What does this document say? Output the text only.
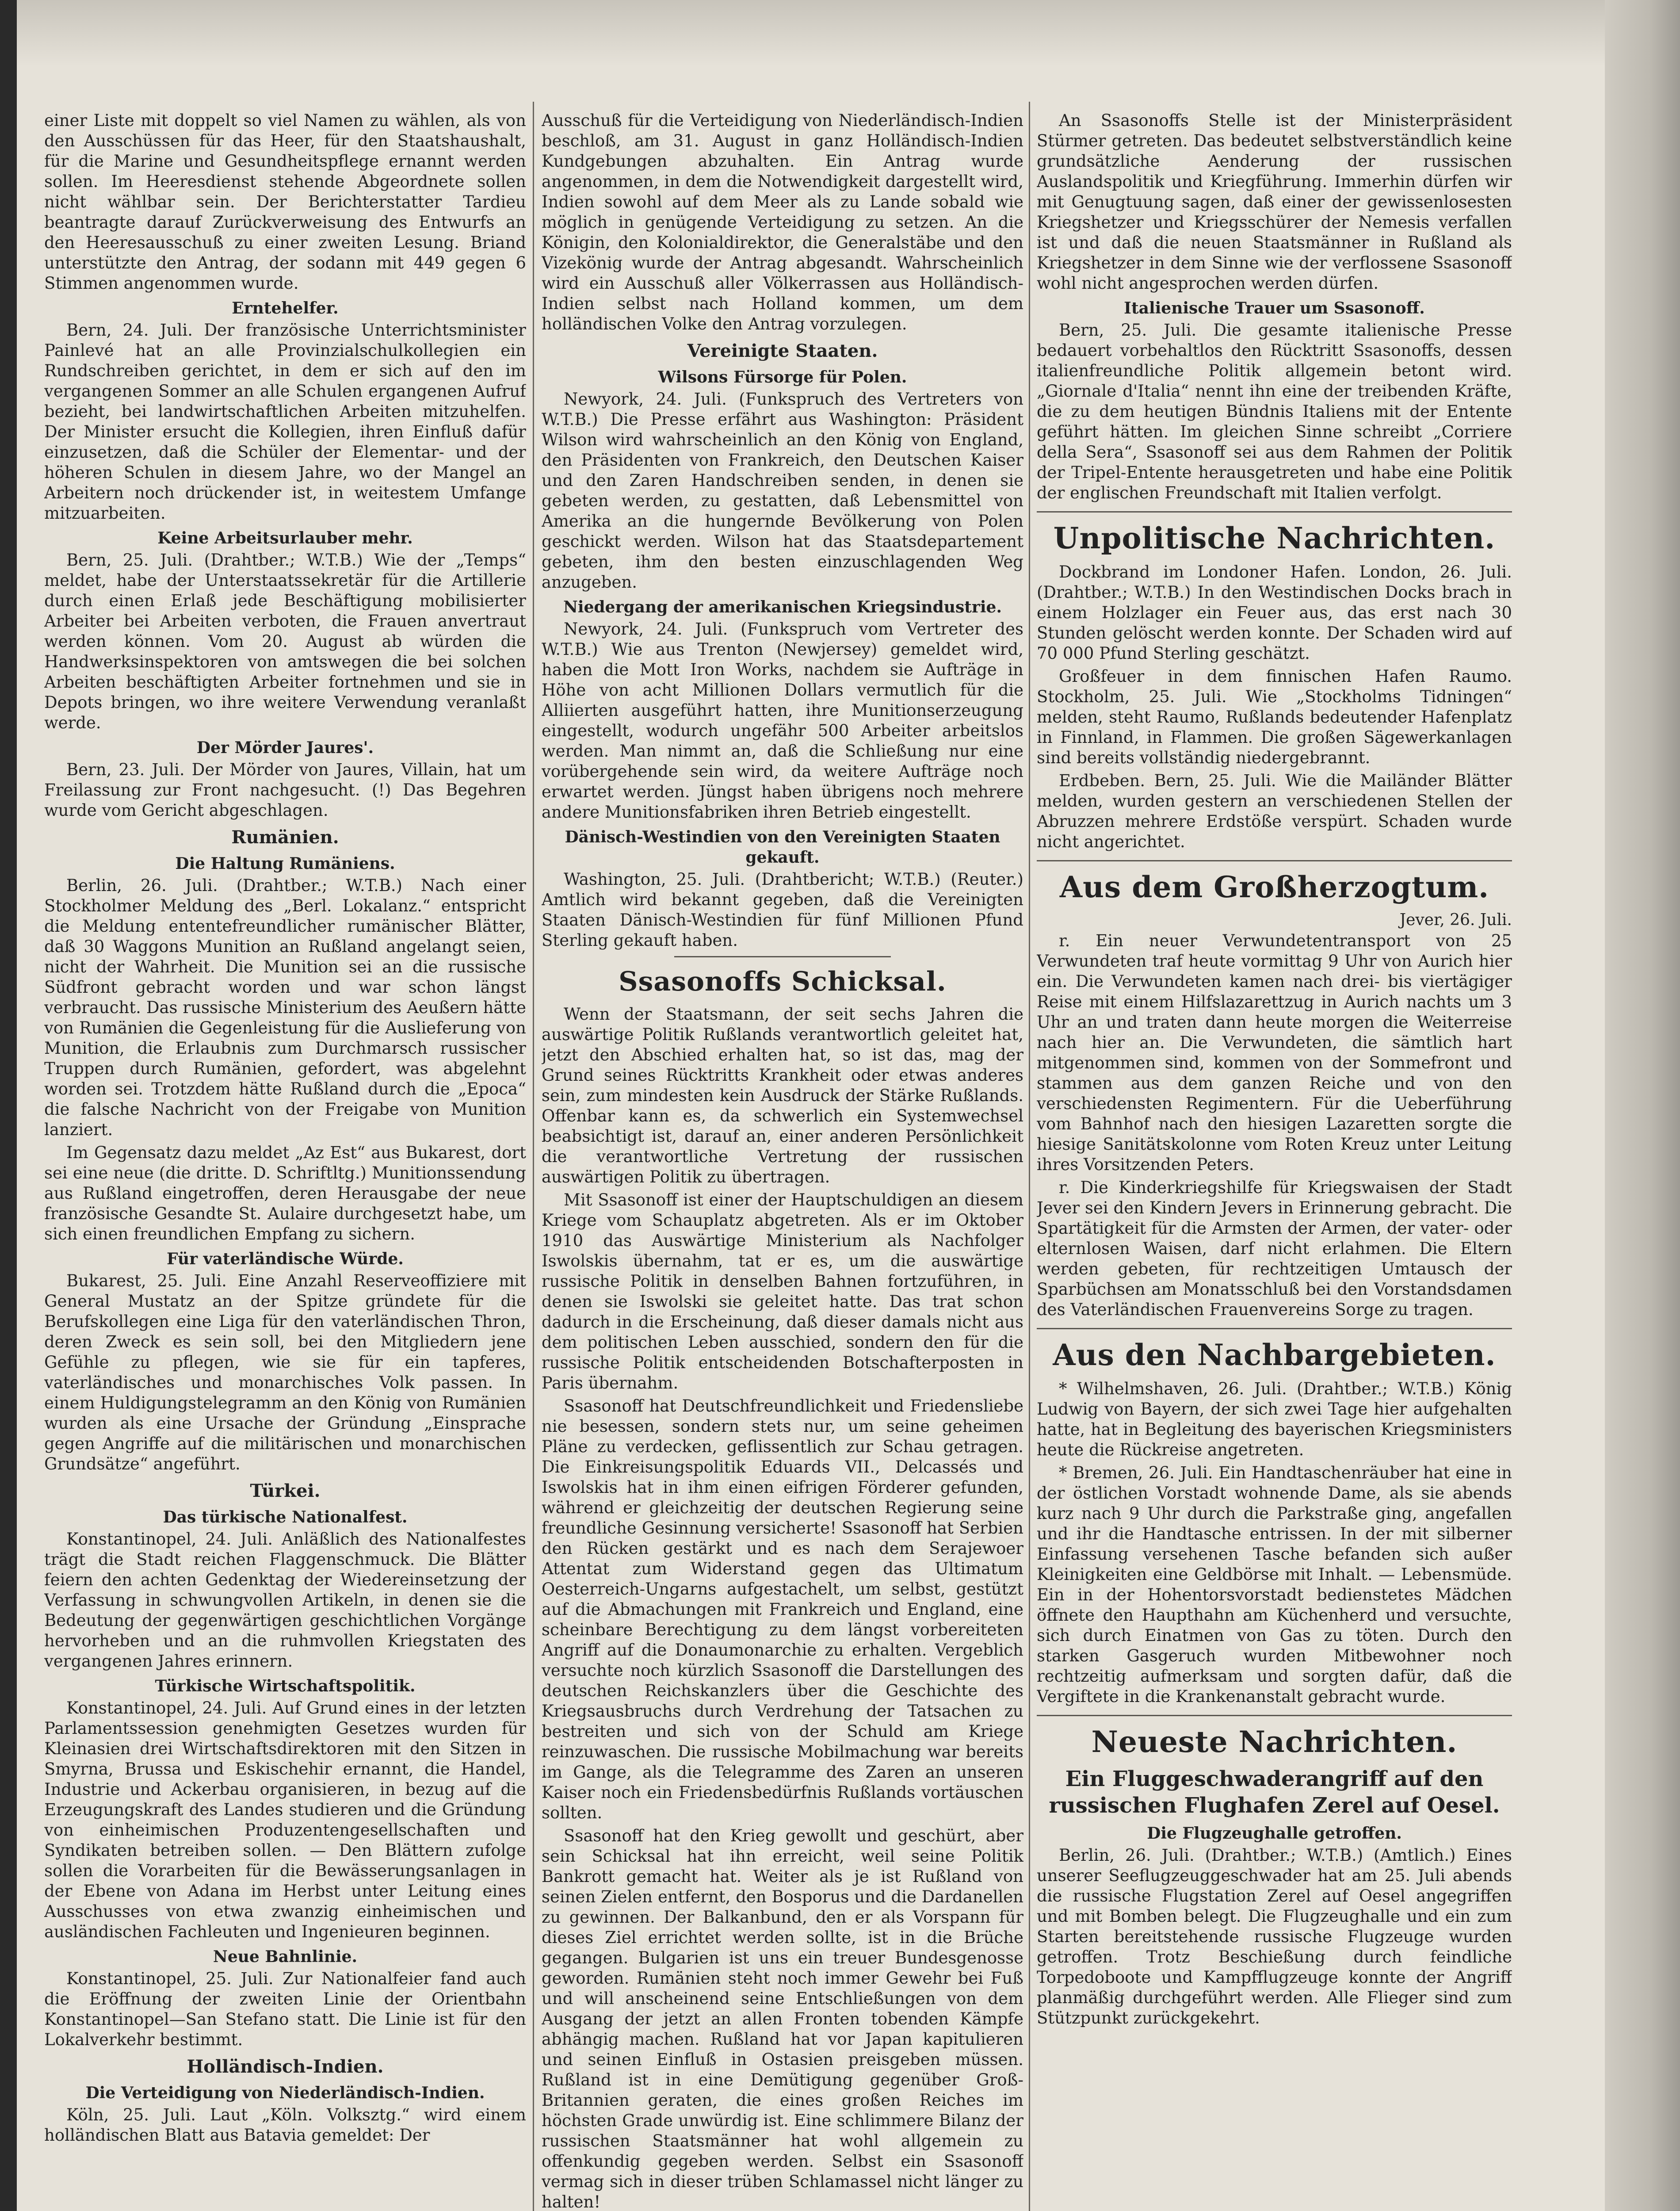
einer Liste mit doppelt so viel Namen zu wählen, als von den Ausschüssen für das Heer, für den Staatshaushalt, für die Marine und Gesundheitspflege ernannt werden sollen. Im Heeresdienst stehende Abgeordnete sollen nicht wählbar sein. Der Berichterstatter Tardieu beantragte darauf Zurückverweisung des Entwurfs an den Heeresausschuß zu einer zweiten Lesung. Briand unterstützte den Antrag, der sodann mit 449 gegen 6 Stimmen angenommen wurde.

Erntehelfer.

Bern, 24. Juli. Der französische Unterrichtsminister Painlevé hat an alle Provinzialschulkollegien ein Rundschreiben gerichtet, in dem er sich auf den im vergangenen Sommer an alle Schulen ergangenen Aufruf bezieht, bei landwirtschaftlichen Arbeiten mitzuhelfen. Der Minister ersucht die Kollegien, ihren Einfluß dafür einzusetzen, daß die Schüler der Elementar- und der höheren Schulen in diesem Jahre, wo der Mangel an Arbeitern noch drückender ist, in weitestem Umfange mitzuarbeiten.

Keine Arbeitsurlauber mehr.

Bern, 25. Juli. (Drahtber.; W.T.B.) Wie der „Temps“ meldet, habe der Unterstaatssekretär für die Artillerie durch einen Erlaß jede Beschäftigung mobilisierter Arbeiter bei Arbeiten verboten, die Frauen anvertraut werden können. Vom 20. August ab würden die Handwerksinspektoren von amtswegen die bei solchen Arbeiten beschäftigten Arbeiter fortnehmen und sie in Depots bringen, wo ihre weitere Verwendung veranlaßt werde.

Der Mörder Jaures'.

Bern, 23. Juli. Der Mörder von Jaures, Villain, hat um Freilassung zur Front nachgesucht. (!) Das Begehren wurde vom Gericht abgeschlagen.

Rumänien.
Die Haltung Rumäniens.

Berlin, 26. Juli. (Drahtber.; W.T.B.) Nach einer Stockholmer Meldung des „Berl. Lokalanz.“ entspricht die Meldung ententefreundlicher rumänischer Blätter, daß 30 Waggons Munition an Rußland angelangt seien, nicht der Wahrheit. Die Munition sei an die russische Südfront gebracht worden und war schon längst verbraucht. Das russische Ministerium des Aeußern hätte von Rumänien die Gegenleistung für die Auslieferung von Munition, die Erlaubnis zum Durchmarsch russischer Truppen durch Rumänien, gefordert, was abgelehnt worden sei. Trotzdem hätte Rußland durch die „Epoca“ die falsche Nachricht von der Freigabe von Munition lanziert.

Im Gegensatz dazu meldet „Az Est“ aus Bukarest, dort sei eine neue (die dritte. D. Schriftltg.) Munitionssendung aus Rußland eingetroffen, deren Herausgabe der neue französische Gesandte St. Aulaire durchgesetzt habe, um sich einen freundlichen Empfang zu sichern.

Für vaterländische Würde.

Bukarest, 25. Juli. Eine Anzahl Reserveoffiziere mit General Mustatz an der Spitze gründete für die Berufskollegen eine Liga für den vaterländischen Thron, deren Zweck es sein soll, bei den Mitgliedern jene Gefühle zu pflegen, wie sie für ein tapferes, vaterländisches und monarchisches Volk passen. In einem Huldigungstelegramm an den König von Rumänien wurden als eine Ursache der Gründung „Einsprache gegen Angriffe auf die militärischen und monarchischen Grundsätze“ angeführt.

Türkei.
Das türkische Nationalfest.

Konstantinopel, 24. Juli. Anläßlich des Nationalfestes trägt die Stadt reichen Flaggenschmuck. Die Blätter feiern den achten Gedenktag der Wiedereinsetzung der Verfassung in schwungvollen Artikeln, in denen sie die Bedeutung der gegenwärtigen geschichtlichen Vorgänge hervorheben und an die ruhmvollen Kriegstaten des vergangenen Jahres erinnern.

Türkische Wirtschaftspolitik.

Konstantinopel, 24. Juli. Auf Grund eines in der letzten Parlamentssession genehmigten Gesetzes wurden für Kleinasien drei Wirtschaftsdirektoren mit den Sitzen in Smyrna, Brussa und Eskischehir ernannt, die Handel, Industrie und Ackerbau organisieren, in bezug auf die Erzeugungskraft des Landes studieren und die Gründung von einheimischen Produzentengesellschaften und Syndikaten betreiben sollen. — Den Blättern zufolge sollen die Vorarbeiten für die Bewässerungsanlagen in der Ebene von Adana im Herbst unter Leitung eines Ausschusses von etwa zwanzig einheimischen und ausländischen Fachleuten und Ingenieuren beginnen.

Neue Bahnlinie.

Konstantinopel, 25. Juli. Zur Nationalfeier fand auch die Eröffnung der zweiten Linie der Orientbahn Konstantinopel—San Stefano statt. Die Linie ist für den Lokalverkehr bestimmt.

Holländisch-Indien.
Die Verteidigung von Niederländisch-Indien.

Köln, 25. Juli. Laut „Köln. Volksztg.“ wird einem holländischen Blatt aus Batavia gemeldet: Der

Ausschuß für die Verteidigung von Niederländisch-Indien beschloß, am 31. August in ganz Holländisch-Indien Kundgebungen abzuhalten. Ein Antrag wurde angenommen, in dem die Notwendigkeit dargestellt wird, Indien sowohl auf dem Meer als zu Lande sobald wie möglich in genügende Verteidigung zu setzen. An die Königin, den Kolonialdirektor, die Generalstäbe und den Vizekönig wurde der Antrag abgesandt. Wahrscheinlich wird ein Ausschuß aller Völkerrassen aus Holländisch-Indien selbst nach Holland kommen, um dem holländischen Volke den Antrag vorzulegen.

Vereinigte Staaten.
Wilsons Fürsorge für Polen.

Newyork, 24. Juli. (Funkspruch des Vertreters von W.T.B.) Die Presse erfährt aus Washington: Präsident Wilson wird wahrscheinlich an den König von England, den Präsidenten von Frankreich, den Deutschen Kaiser und den Zaren Handschreiben senden, in denen sie gebeten werden, zu gestatten, daß Lebensmittel von Amerika an die hungernde Bevölkerung von Polen geschickt werden. Wilson hat das Staatsdepartement gebeten, ihm den besten einzuschlagenden Weg anzugeben.

Niedergang der amerikanischen Kriegsindustrie.

Newyork, 24. Juli. (Funkspruch vom Vertreter des W.T.B.) Wie aus Trenton (Newjersey) gemeldet wird, haben die Mott Iron Works, nachdem sie Aufträge in Höhe von acht Millionen Dollars vermutlich für die Alliierten ausgeführt hatten, ihre Munitionserzeugung eingestellt, wodurch ungefähr 500 Arbeiter arbeitslos werden. Man nimmt an, daß die Schließung nur eine vorübergehende sein wird, da weitere Aufträge noch erwartet werden. Jüngst haben übrigens noch mehrere andere Munitionsfabriken ihren Betrieb eingestellt.

Dänisch-Westindien von den Vereinigten Staaten gekauft.

Washington, 25. Juli. (Drahtbericht; W.T.B.) (Reuter.) Amtlich wird bekannt gegeben, daß die Vereinigten Staaten Dänisch-Westindien für fünf Millionen Pfund Sterling gekauft haben.

Ssasonoffs Schicksal.

Wenn der Staatsmann, der seit sechs Jahren die auswärtige Politik Rußlands verantwortlich geleitet hat, jetzt den Abschied erhalten hat, so ist das, mag der Grund seines Rücktritts Krankheit oder etwas anderes sein, zum mindesten kein Ausdruck der Stärke Rußlands. Offenbar kann es, da schwerlich ein Systemwechsel beabsichtigt ist, darauf an, einer anderen Persönlichkeit die verantwortliche Vertretung der russischen auswärtigen Politik zu übertragen.

Mit Ssasonoff ist einer der Hauptschuldigen an diesem Kriege vom Schauplatz abgetreten. Als er im Oktober 1910 das Auswärtige Ministerium als Nachfolger Iswolskis übernahm, tat er es, um die auswärtige russische Politik in denselben Bahnen fortzuführen, in denen sie Iswolski sie geleitet hatte. Das trat schon dadurch in die Erscheinung, daß dieser damals nicht aus dem politischen Leben ausschied, sondern den für die russische Politik entscheidenden Botschafterposten in Paris übernahm.

Ssasonoff hat Deutschfreundlichkeit und Friedensliebe nie besessen, sondern stets nur, um seine geheimen Pläne zu verdecken, geflissentlich zur Schau getragen. Die Einkreisungspolitik Eduards VII., Delcassés und Iswolskis hat in ihm einen eifrigen Förderer gefunden, während er gleichzeitig der deutschen Regierung seine freundliche Gesinnung versicherte! Ssasonoff hat Serbien den Rücken gestärkt und es nach dem Serajewoer Attentat zum Widerstand gegen das Ultimatum Oesterreich-Ungarns aufgestachelt, um selbst, gestützt auf die Abmachungen mit Frankreich und England, eine scheinbare Berechtigung zu dem längst vorbereiteten Angriff auf die Donaumonarchie zu erhalten. Vergeblich versuchte noch kürzlich Ssasonoff die Darstellungen des deutschen Reichskanzlers über die Geschichte des Kriegsausbruchs durch Verdrehung der Tatsachen zu bestreiten und sich von der Schuld am Kriege reinzuwaschen. Die russische Mobilmachung war bereits im Gange, als die Telegramme des Zaren an unseren Kaiser noch ein Friedensbedürfnis Rußlands vortäuschen sollten.

Ssasonoff hat den Krieg gewollt und geschürt, aber sein Schicksal hat ihn erreicht, weil seine Politik Bankrott gemacht hat. Weiter als je ist Rußland von seinen Zielen entfernt, den Bosporus und die Dardanellen zu gewinnen. Der Balkanbund, den er als Vorspann für dieses Ziel errichtet werden sollte, ist in die Brüche gegangen. Bulgarien ist uns ein treuer Bundesgenosse geworden. Rumänien steht noch immer Gewehr bei Fuß und will anscheinend seine Entschließungen von dem Ausgang der jetzt an allen Fronten tobenden Kämpfe abhängig machen. Rußland hat vor Japan kapitulieren und seinen Einfluß in Ostasien preisgeben müssen. Rußland ist in eine Demütigung gegenüber Groß-Britannien geraten, die eines großen Reiches im höchsten Grade unwürdig ist. Eine schlimmere Bilanz der russischen Staatsmänner hat wohl allgemein zu offenkundig gegeben werden. Selbst ein Ssasonoff vermag sich in dieser trüben Schlamassel nicht länger zu halten!

An Ssasonoffs Stelle ist der Ministerpräsident Stürmer getreten. Das bedeutet selbstverständlich keine grundsätzliche Aenderung der russischen Auslandspolitik und Kriegführung. Immerhin dürfen wir mit Genugtuung sagen, daß einer der gewissenlosesten Kriegshetzer und Kriegsschürer der Nemesis verfallen ist und daß die neuen Staatsmänner in Rußland als Kriegshetzer in dem Sinne wie der verflossene Ssasonoff wohl nicht angesprochen werden dürfen.

Italienische Trauer um Ssasonoff.

Bern, 25. Juli. Die gesamte italienische Presse bedauert vorbehaltlos den Rücktritt Ssasonoffs, dessen italienfreundliche Politik allgemein betont wird. „Giornale d'Italia“ nennt ihn eine der treibenden Kräfte, die zu dem heutigen Bündnis Italiens mit der Entente geführt hätten. Im gleichen Sinne schreibt „Corriere della Sera“, Ssasonoff sei aus dem Rahmen der Politik der Tripel-Entente herausgetreten und habe eine Politik der englischen Freundschaft mit Italien verfolgt.

Unpolitische Nachrichten.

Dockbrand im Londoner Hafen. London, 26. Juli. (Drahtber.; W.T.B.) In den Westindischen Docks brach in einem Holzlager ein Feuer aus, das erst nach 30 Stunden gelöscht werden konnte. Der Schaden wird auf 70 000 Pfund Sterling geschätzt.

Großfeuer in dem finnischen Hafen Raumo. Stockholm, 25. Juli. Wie „Stockholms Tidningen“ melden, steht Raumo, Rußlands bedeutender Hafenplatz in Finnland, in Flammen. Die großen Sägewerkanlagen sind bereits vollständig niedergebrannt.

Erdbeben. Bern, 25. Juli. Wie die Mailänder Blätter melden, wurden gestern an verschiedenen Stellen der Abruzzen mehrere Erdstöße verspürt. Schaden wurde nicht angerichtet.

Aus dem Großherzogtum.
Jever, 26. Juli.

r. Ein neuer Verwundetentransport von 25 Verwundeten traf heute vormittag 9 Uhr von Aurich hier ein. Die Verwundeten kamen nach drei- bis viertägiger Reise mit einem Hilfslazarettzug in Aurich nachts um 3 Uhr an und traten dann heute morgen die Weiterreise nach hier an. Die Verwundeten, die sämtlich hart mitgenommen sind, kommen von der Sommefront und stammen aus dem ganzen Reiche und von den verschiedensten Regimentern. Für die Ueberführung vom Bahnhof nach den hiesigen Lazaretten sorgte die hiesige Sanitätskolonne vom Roten Kreuz unter Leitung ihres Vorsitzenden Peters.

r. Die Kinderkriegshilfe für Kriegswaisen der Stadt Jever sei den Kindern Jevers in Erinnerung gebracht. Die Spartätigkeit für die Armsten der Armen, der vater- oder elternlosen Waisen, darf nicht erlahmen. Die Eltern werden gebeten, für rechtzeitigen Umtausch der Sparbüchsen am Monatsschluß bei den Vorstandsdamen des Vaterländischen Frauenvereins Sorge zu tragen.

Aus den Nachbargebieten.

* Wilhelmshaven, 26. Juli. (Drahtber.; W.T.B.) König Ludwig von Bayern, der sich zwei Tage hier aufgehalten hatte, hat in Begleitung des bayerischen Kriegsministers heute die Rückreise angetreten.

* Bremen, 26. Juli. Ein Handtaschenräuber hat eine in der östlichen Vorstadt wohnende Dame, als sie abends kurz nach 9 Uhr durch die Parkstraße ging, angefallen und ihr die Handtasche entrissen. In der mit silberner Einfassung versehenen Tasche befanden sich außer Kleinigkeiten eine Geldbörse mit Inhalt. — Lebensmüde. Ein in der Hohentorsvorstadt bedienstetes Mädchen öffnete den Haupthahn am Küchenherd und versuchte, sich durch Einatmen von Gas zu töten. Durch den starken Gasgeruch wurden Mitbewohner noch rechtzeitig aufmerksam und sorgten dafür, daß die Vergiftete in die Krankenanstalt gebracht wurde.

Neueste Nachrichten.
Ein Fluggeschwaderangriff auf den russischen Flughafen Zerel auf Oesel.
Die Flugzeughalle getroffen.

Berlin, 26. Juli. (Drahtber.; W.T.B.) (Amtlich.) Eines unserer Seeflugzeuggeschwader hat am 25. Juli abends die russische Flugstation Zerel auf Oesel angegriffen und mit Bomben belegt. Die Flugzeughalle und ein zum Starten bereitstehende russische Flugzeuge wurden getroffen. Trotz Beschießung durch feindliche Torpedoboote und Kampfflugzeuge konnte der Angriff planmäßig durchgeführt werden. Alle Flieger sind zum Stützpunkt zurückgekehrt.
